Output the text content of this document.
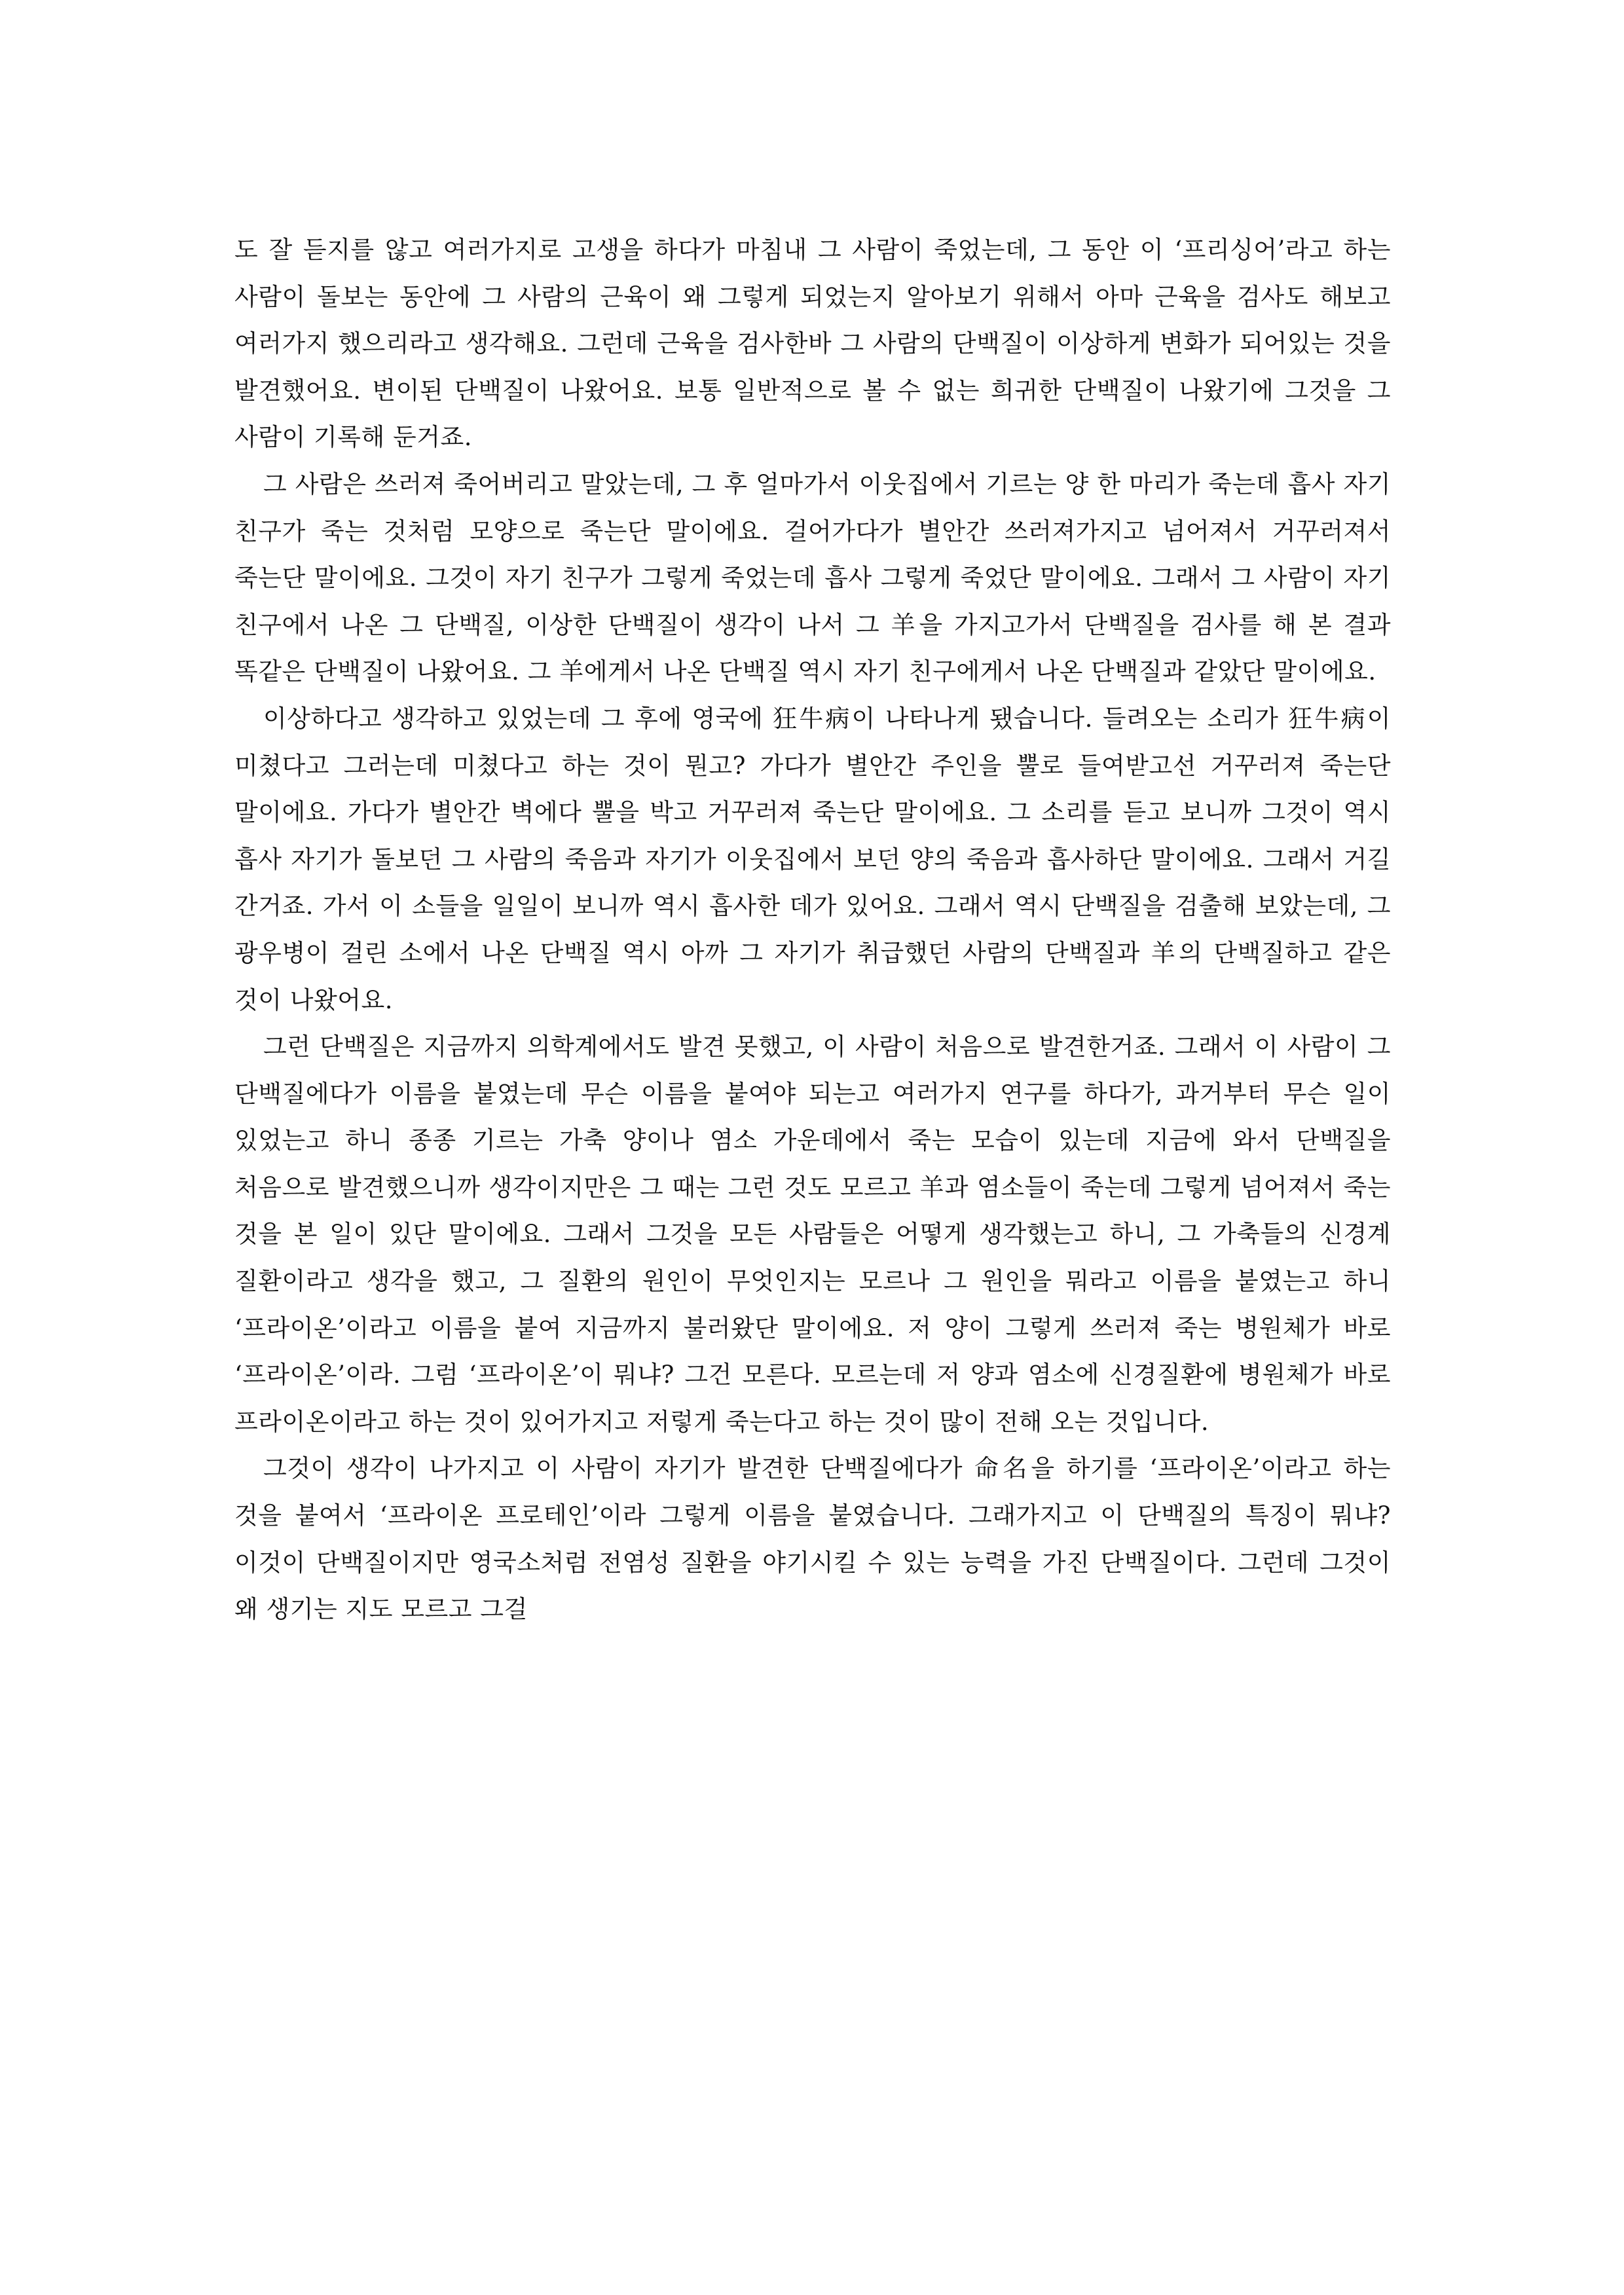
도 잘 듣지를 않고 여러가지로 고생을 하다가 마침내 그 사람이 죽었는데, 그 동안 이 ‘프리싱어’라고 하는 사람이 돌보는 동안에 그 사람의 근육이 왜 그렇게 되었는지 알아보기 위해서 아마 근육을 검사도 해보고 여러가지 했으리라고 생각해요. 그런데 근육을 검사한바 그 사람의 단백질이 이상하게 변화가 되어있는 것을 발견했어요. 변이된 단백질이 나왔어요. 보통 일반적으로 볼 수 없는 희귀한 단백질이 나왔기에 그것을 그 사람이 기록해 둔거죠.

그 사람은 쓰러져 죽어버리고 말았는데, 그 후 얼마가서 이웃집에서 기르는 양 한 마리가 죽는데 흡사 자기 친구가 죽는 것처럼 모양으로 죽는단 말이에요. 걸어가다가 별안간 쓰러져가지고 넘어져서 거꾸러져서 죽는단 말이에요. 그것이 자기 친구가 그렇게 죽었는데 흡사 그렇게 죽었단 말이에요. 그래서 그 사람이 자기 친구에서 나온 그 단백질, 이상한 단백질이 생각이 나서 그 羊을 가지고가서 단백질을 검사를 해 본 결과 똑같은 단백질이 나왔어요. 그 羊에게서 나온 단백질 역시 자기 친구에게서 나온 단백질과 같았단 말이에요.

이상하다고 생각하고 있었는데 그 후에 영국에 狂牛病이 나타나게 됐습니다. 들려오는 소리가 狂牛病이 미쳤다고 그러는데 미쳤다고 하는 것이 뭔고? 가다가 별안간 주인을 뿔로 들여받고선 거꾸러져 죽는단 말이에요. 가다가 별안간 벽에다 뿔을 박고 거꾸러져 죽는단 말이에요. 그 소리를 듣고 보니까 그것이 역시 흡사 자기가 돌보던 그 사람의 죽음과 자기가 이웃집에서 보던 양의 죽음과 흡사하단 말이에요. 그래서 거길 간거죠. 가서 이 소들을 일일이 보니까 역시 흡사한 데가 있어요. 그래서 역시 단백질을 검출해 보았는데, 그 광우병이 걸린 소에서 나온 단백질 역시 아까 그 자기가 취급했던 사람의 단백질과 羊의 단백질하고 같은 것이 나왔어요.

그런 단백질은 지금까지 의학계에서도 발견 못했고, 이 사람이 처음으로 발견한거죠. 그래서 이 사람이 그 단백질에다가 이름을 붙였는데 무슨 이름을 붙여야 되는고 여러가지 연구를 하다가, 과거부터 무슨 일이 있었는고 하니 종종 기르는 가축 양이나 염소 가운데에서 죽는 모습이 있는데 지금에 와서 단백질을 처음으로 발견했으니까 생각이지만은 그 때는 그런 것도 모르고 羊과 염소들이 죽는데 그렇게 넘어져서 죽는 것을 본 일이 있단 말이에요. 그래서 그것을 모든 사람들은 어떻게 생각했는고 하니, 그 가축들의 신경계 질환이라고 생각을 했고, 그 질환의 원인이 무엇인지는 모르나 그 원인을 뭐라고 이름을 붙였는고 하니 ‘프라이온’이라고 이름을 붙여 지금까지 불러왔단 말이에요. 저 양이 그렇게 쓰러져 죽는 병원체가 바로 ‘프라이온’이라. 그럼 ‘프라이온’이 뭐냐? 그건 모른다. 모르는데 저 양과 염소에 신경질환에 병원체가 바로 프라이온이라고 하는 것이 있어가지고 저렇게 죽는다고 하는 것이 많이 전해 오는 것입니다.

그것이 생각이 나가지고 이 사람이 자기가 발견한 단백질에다가 命名을 하기를 ‘프라이온’이라고 하는 것을 붙여서 ‘프라이온 프로테인’이라 그렇게 이름을 붙였습니다. 그래가지고 이 단백질의 특징이 뭐냐? 이것이 단백질이지만 영국소처럼 전염성 질환을 야기시킬 수 있는 능력을 가진 단백질이다. 그런데 그것이 왜 생기는 지도 모르고 그걸
